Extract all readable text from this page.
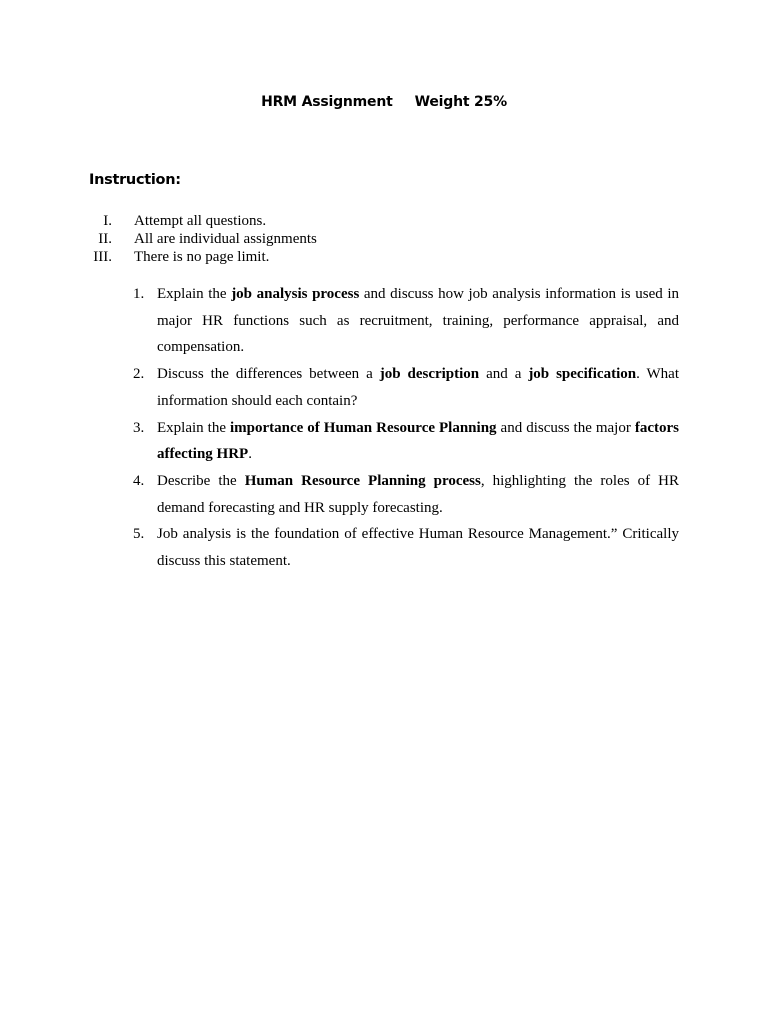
HRM Assignment Weight 25%
Instruction:
I. Attempt all questions.
II. All are individual assignments
III. There is no page limit.
1. Explain the job analysis process and discuss how job analysis information is used in major HR functions such as recruitment, training, performance appraisal, and compensation.
2. Discuss the differences between a job description and a job specification. What information should each contain?
3. Explain the importance of Human Resource Planning and discuss the major factors affecting HRP.
4. Describe the Human Resource Planning process, highlighting the roles of HR demand forecasting and HR supply forecasting.
5. Job analysis is the foundation of effective Human Resource Management.” Critically discuss this statement.
